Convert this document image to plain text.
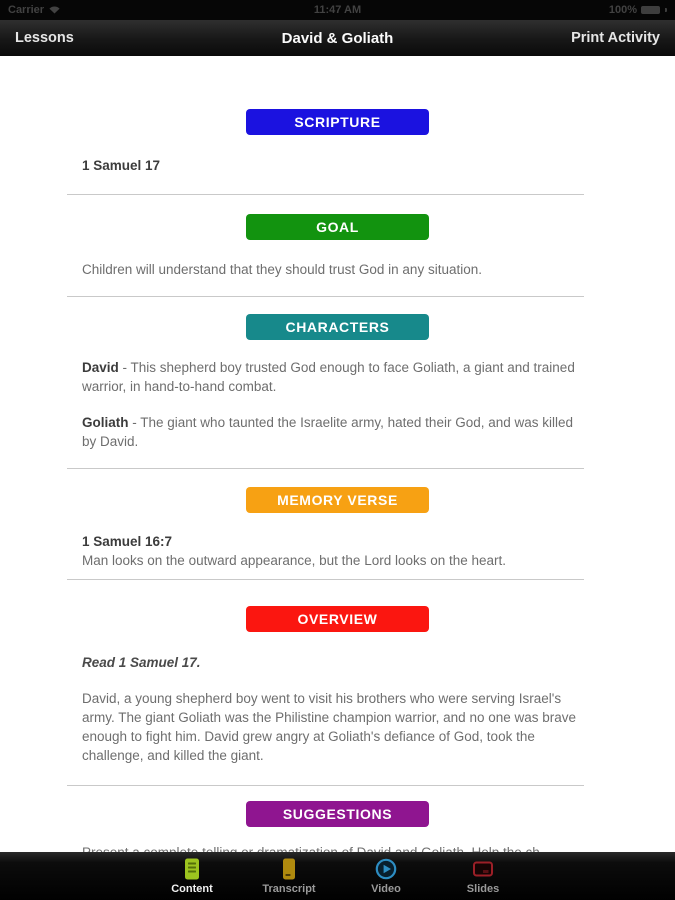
Carrier	11:47 AM	100%
David & Goliath
Lessons	Print Activity
SCRIPTURE

1 Samuel 17

GOAL

Children will understand that they should trust God in any situation.

CHARACTERS

David - This shepherd boy trusted God enough to face Goliath, a giant and trained warrior, in hand-to-hand combat.

Goliath - The giant who taunted the Israelite army, hated their God, and was killed by David.

MEMORY VERSE
1 Samuel 16:7
Man looks on the outward appearance, but the Lord looks on the heart.
OVERVIEW

Read 1 Samuel 17.

David, a young shepherd boy went to visit his brothers who were serving Israel's army. The giant Goliath was the Philistine champion warrior, and no one was brave enough to fight him. David grew angry at Goliath's defiance of God, took the challenge, and killed the giant.

SUGGESTIONS

Content	Transcript	Video	Slides
